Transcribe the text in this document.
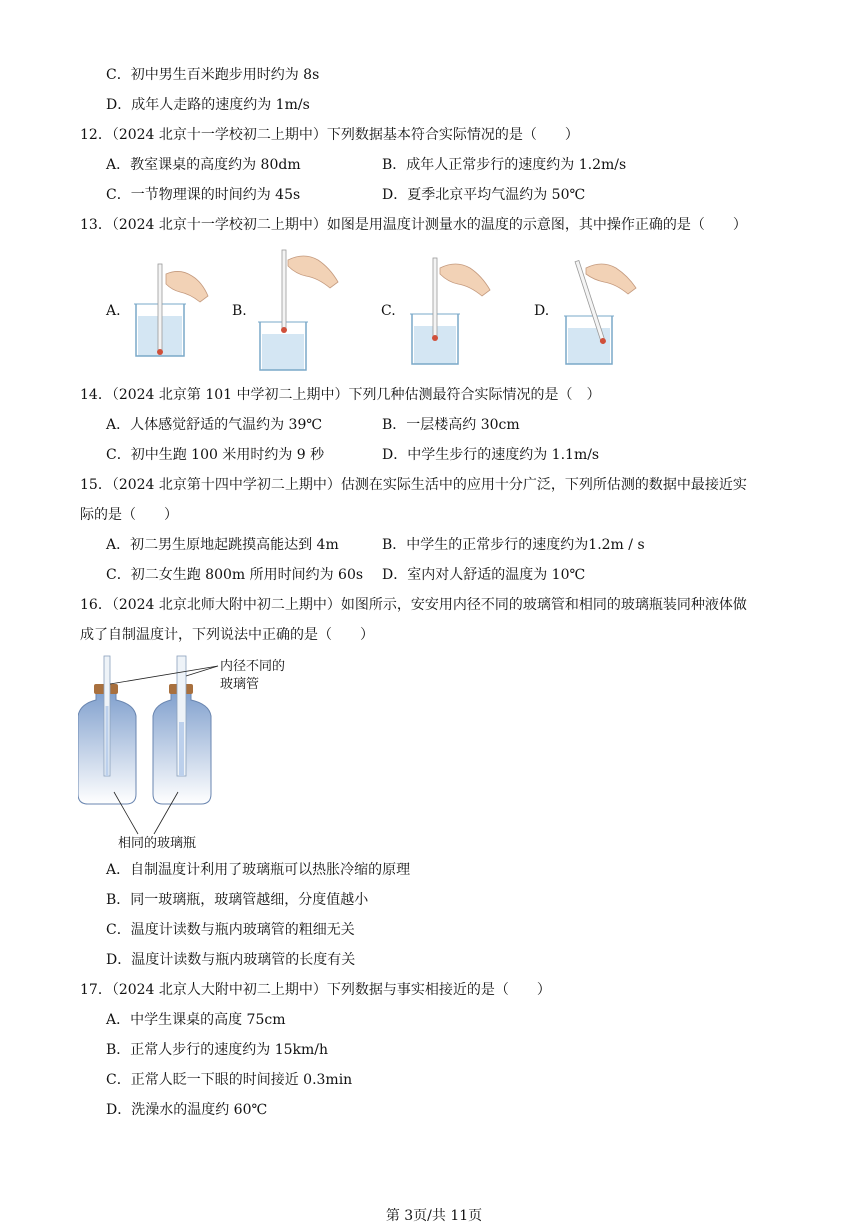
C．初中男生百米跑步用时约为 8s
D．成年人走路的速度约为 1m/s
12．（2024 北京十一学校初二上期中）下列数据基本符合实际情况的是（　　）
A．教室课桌的高度约为 80dm	B．成年人正常步行的速度约为 1.2m/s
C．一节物理课的时间约为 45s	D．夏季北京平均气温约为 50℃
13．（2024 北京十一学校初二上期中）如图是用温度计测量水的温度的示意图，其中操作正确的是（　　）
A.	B.	C.	D.
14．（2024 北京第 101 中学初二上期中）下列几种估测最符合实际情况的是（　）
A．人体感觉舒适的气温约为 39℃	B．一层楼高约 30cm
C．初中生跑 100 米用时约为 9 秒	D．中学生步行的速度约为 1.1m/s
15．（2024 北京第十四中学初二上期中）估测在实际生活中的应用十分广泛，下列所估测的数据中最接近实
际的是（　　）
A．初二男生原地起跳摸高能达到 4m	B．中学生的正常步行的速度约为1.2m / s
C．初二女生跑 800m 所用时间约为 60s D．室内对人舒适的温度为 10℃
16．（2024 北京北师大附中初二上期中）如图所示，安安用内径不同的玻璃管和相同的玻璃瓶装同种液体做
成了自制温度计，下列说法中正确的是（　　）
内径不同的
玻璃管
相同的玻璃瓶
A．自制温度计利用了玻璃瓶可以热胀冷缩的原理
B．同一玻璃瓶，玻璃管越细，分度值越小
C．温度计读数与瓶内玻璃管的粗细无关
D．温度计读数与瓶内玻璃管的长度有关
17．（2024 北京人大附中初二上期中）下列数据与事实相接近的是（　　）
A．中学生课桌的高度 75cm
B．正常人步行的速度约为 15km/h
C．正常人眨一下眼的时间接近 0.3min
D．洗澡水的温度约 60℃
第 3页/共 11页
